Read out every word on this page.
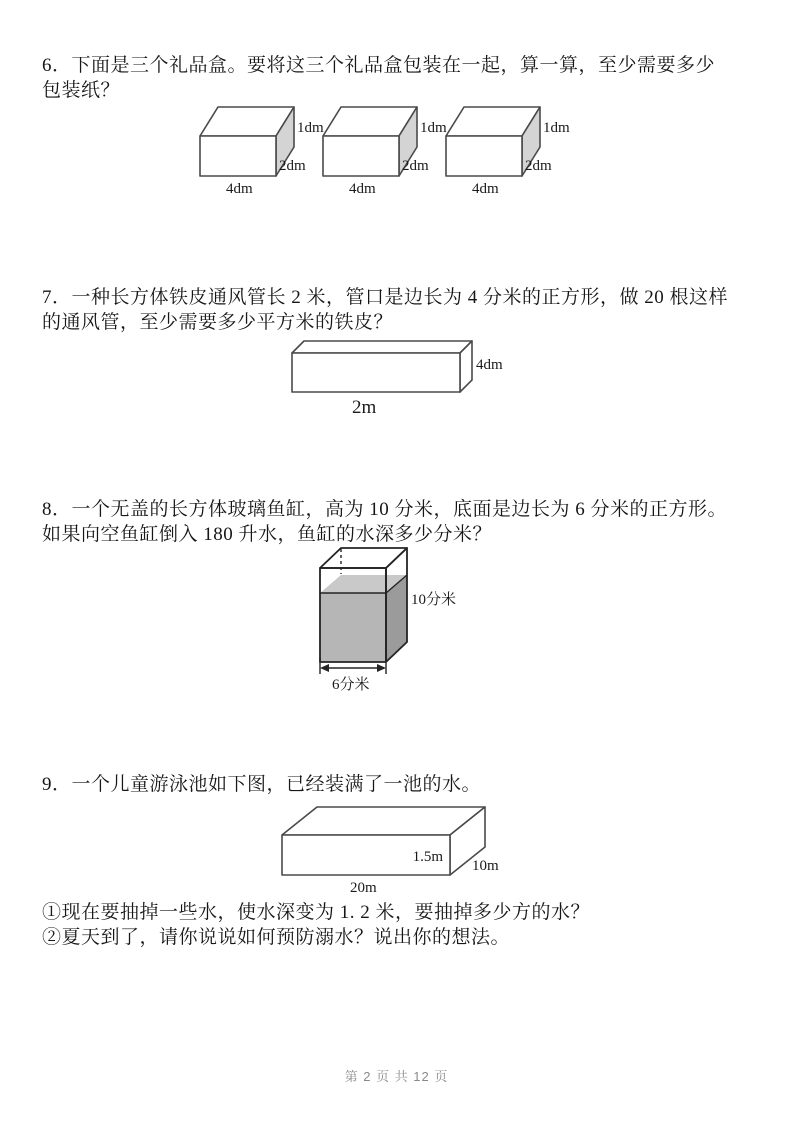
6．下面是三个礼品盒。要将这三个礼品盒包装在一起，算一算，至少需要多少
包装纸？
1dm
2dm
4dm
1dm
2dm
4dm
1dm
2dm
4dm
7．一种长方体铁皮通风管长 2 米，管口是边长为 4 分米的正方形，做 20 根这样
的通风管，至少需要多少平方米的铁皮？
4dm
2m
8．一个无盖的长方体玻璃鱼缸，高为 10 分米，底面是边长为 6 分米的正方形。
如果向空鱼缸倒入 180 升水，鱼缸的水深多少分米？
10分米
6分米
9．一个儿童游泳池如下图，已经装满了一池的水。
1.5m
10m
20m
①现在要抽掉一些水，使水深变为 1. 2 米，要抽掉多少方的水？
②夏天到了，请你说说如何预防溺水？说出你的想法。
第 2 页 共 12 页
